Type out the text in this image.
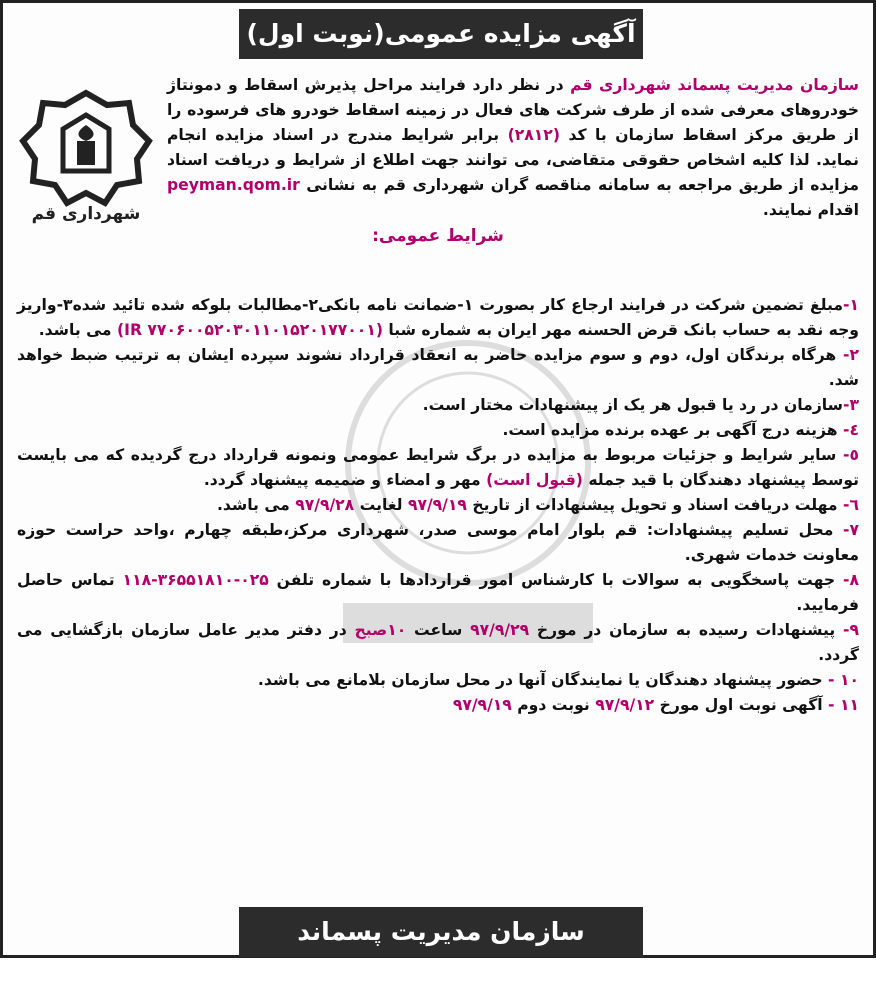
آگهی مزایده عمومی(نوبت اول)
شهرداری قم
سازمان مدیریت پسماند شهرداری قم در نظر دارد فرایند مراحل پذیرش اسقاط و دمونتاژ خودروهای معرفی شده از طرف شرکت های فعال در زمینه اسقاط خودرو های فرسوده را از طریق مرکز اسقاط سازمان با کد (۲۸۱۲) برابر شرایط مندرج در اسناد مزایده انجام نماید. لذا کلیه اشخاص حقوقی متقاضی، می توانند جهت اطلاع از شرایط و دریافت اسناد مزایده از طریق مراجعه به سامانه مناقصه گران شهرداری قم به نشانی peyman.qom.ir اقدام نمایند.
شرایط عمومی:
۱-مبلغ تضمین شرکت در فرایند ارجاع کار بصورت ۱-ضمانت نامه بانکی۲-مطالبات بلوکه شده تائید شده۳-واریز وجه نقد به حساب بانک قرض الحسنه مهر ایران به شماره شبا (IR ۷۷۰۶۰۰۵۲۰۳۰۱۱۰۱۵۲۰۱۷۷۰۰۱) می باشد.
۲- هرگاه برندگان اول، دوم و سوم مزایده حاضر به انعقاد قرارداد نشوند سپرده ایشان به ترتیب ضبط خواهد شد.
۳-سازمان در رد یا قبول هر یک از پیشنهادات مختار است.
٤- هزینه درج آگهی بر عهده برنده مزایده است.
٥- سایر شرایط و جزئیات مربوط به مزایده در برگ شرایط عمومی ونمونه قرارداد درج گردیده که می بایست توسط پیشنهاد دهندگان با قید جمله (قبول است) مهر و امضاء و ضمیمه پیشنهاد گردد.
٦- مهلت دریافت اسناد و تحویل پیشنهادات از تاریخ ۹۷/۹/۱۹ لغایت ۹۷/۹/۲۸ می باشد.
۷- محل تسلیم پیشنهادات: قم بلوار امام موسی صدر، شهرداری مرکز،طبقه چهارم ،واحد حراست حوزه معاونت خدمات شهری.
۸- جهت پاسخگویی به سوالات با کارشناس امور قراردادها با شماره تلفن ۰۲۵-۳۶۵۵۱۸۱۰-۱۱۸ تماس حاصل فرمایید.
۹- پیشنهادات رسیده به سازمان در مورخ ۹۷/۹/۲۹ ساعت ۱۰صبح در دفتر مدیر عامل سازمان بازگشایی می گردد.
۱۰ - حضور پیشنهاد دهندگان یا نمایندگان آنها در محل سازمان بلامانع می باشد.
۱۱ - آگهی نوبت اول مورخ ۹۷/۹/۱۲ نوبت دوم ۹۷/۹/۱۹
سازمان مدیریت پسماند شهرداری قم
